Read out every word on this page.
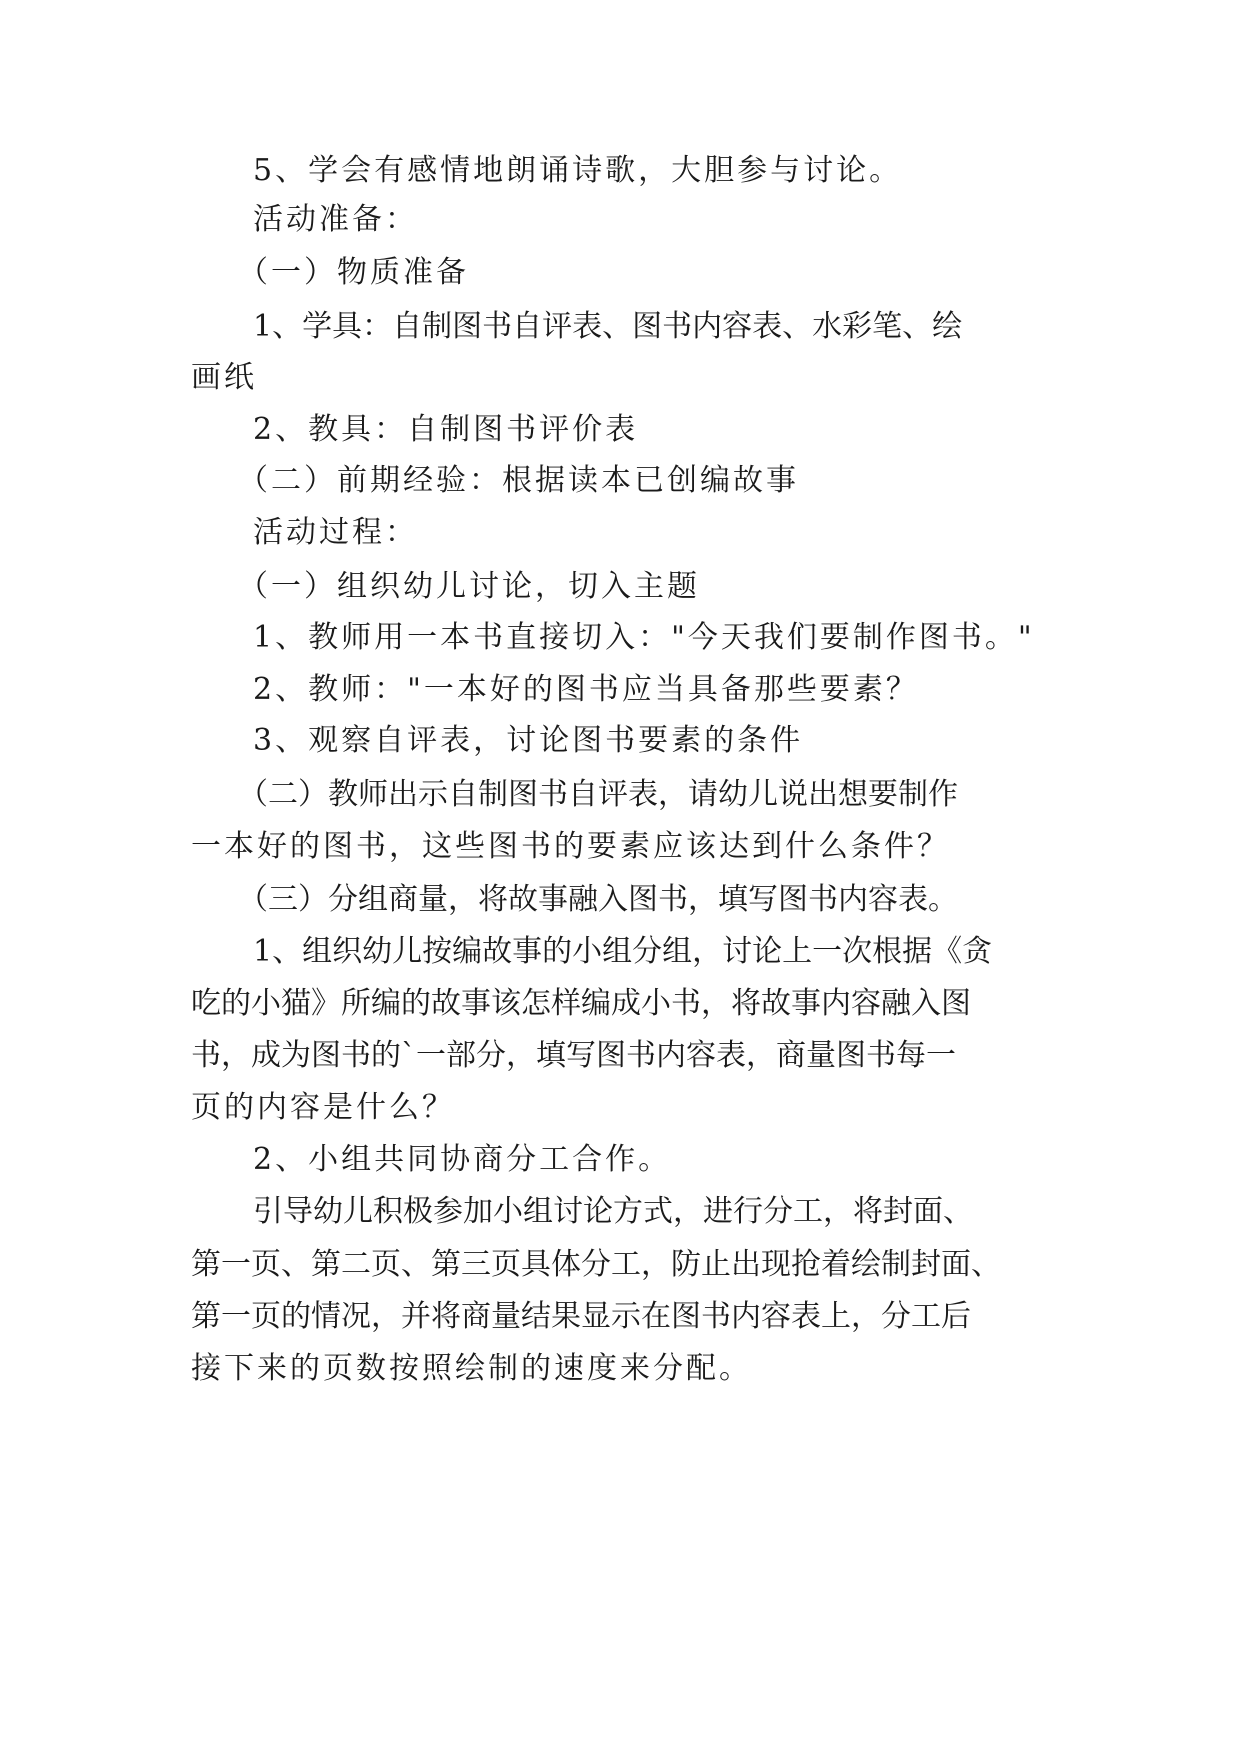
5、学会有感情地朗诵诗歌，大胆参与讨论。
活动准备：
（一）物质准备
1、学具：自制图书自评表、图书内容表、水彩笔、绘
画纸
2、教具：自制图书评价表
（二）前期经验：根据读本已创编故事
活动过程：
（一）组织幼儿讨论，切入主题
1、教师用一本书直接切入："今天我们要制作图书。"
2、教师："一本好的图书应当具备那些要素？
3、观察自评表，讨论图书要素的条件
（二）教师出示自制图书自评表，请幼儿说出想要制作
一本好的图书，这些图书的要素应该达到什么条件？
（三）分组商量，将故事融入图书，填写图书内容表。
1、组织幼儿按编故事的小组分组，讨论上一次根据《贪
吃的小猫》所编的故事该怎样编成小书，将故事内容融入图
书，成为图书的`一部分，填写图书内容表，商量图书每一
页的内容是什么？
2、小组共同协商分工合作。
引导幼儿积极参加小组讨论方式，进行分工，将封面、
第一页、第二页、第三页具体分工，防止出现抢着绘制封面、
第一页的情况，并将商量结果显示在图书内容表上，分工后
接下来的页数按照绘制的速度来分配。
